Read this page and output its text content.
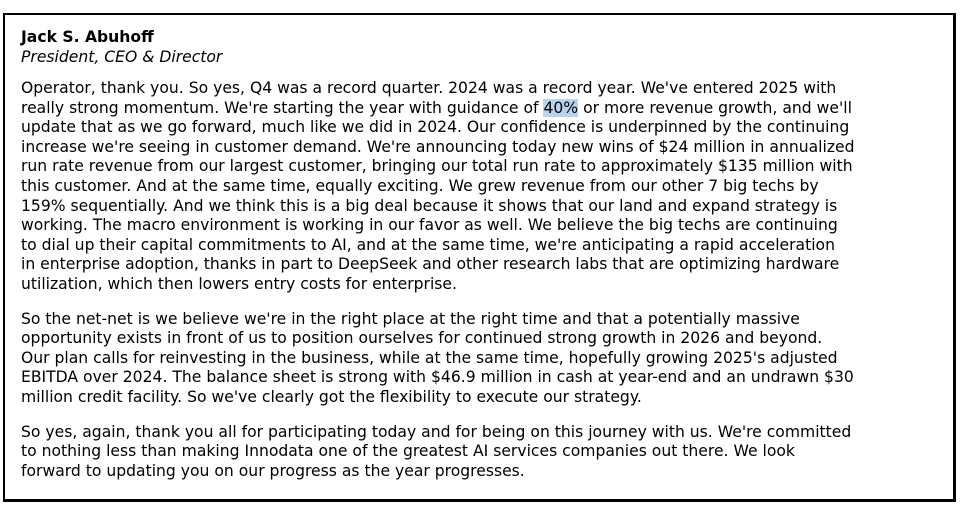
Jack S. Abuhoff

President, CEO & Director

Operator, thank you. So yes, Q4 was a record quarter. 2024 was a record year. We've entered 2025 with
really strong momentum. We're starting the year with guidance of 40% or more revenue growth, and we'll
update that as we go forward, much like we did in 2024. Our confidence is underpinned by the continuing
increase we're seeing in customer demand. We're announcing today new wins of $24 million in annualized
run rate revenue from our largest customer, bringing our total run rate to approximately $135 million with
this customer. And at the same time, equally exciting. We grew revenue from our other 7 big techs by
159% sequentially. And we think this is a big deal because it shows that our land and expand strategy is
working. The macro environment is working in our favor as well. We believe the big techs are continuing
to dial up their capital commitments to AI, and at the same time, we're anticipating a rapid acceleration
in enterprise adoption, thanks in part to DeepSeek and other research labs that are optimizing hardware
utilization, which then lowers entry costs for enterprise.

So the net-net is we believe we're in the right place at the right time and that a potentially massive
opportunity exists in front of us to position ourselves for continued strong growth in 2026 and beyond.
Our plan calls for reinvesting in the business, while at the same time, hopefully growing 2025's adjusted
EBITDA over 2024. The balance sheet is strong with $46.9 million in cash at year-end and an undrawn $30
million credit facility. So we've clearly got the flexibility to execute our strategy.

So yes, again, thank you all for participating today and for being on this journey with us. We're committed
to nothing less than making Innodata one of the greatest AI services companies out there. We look
forward to updating you on our progress as the year progresses.
